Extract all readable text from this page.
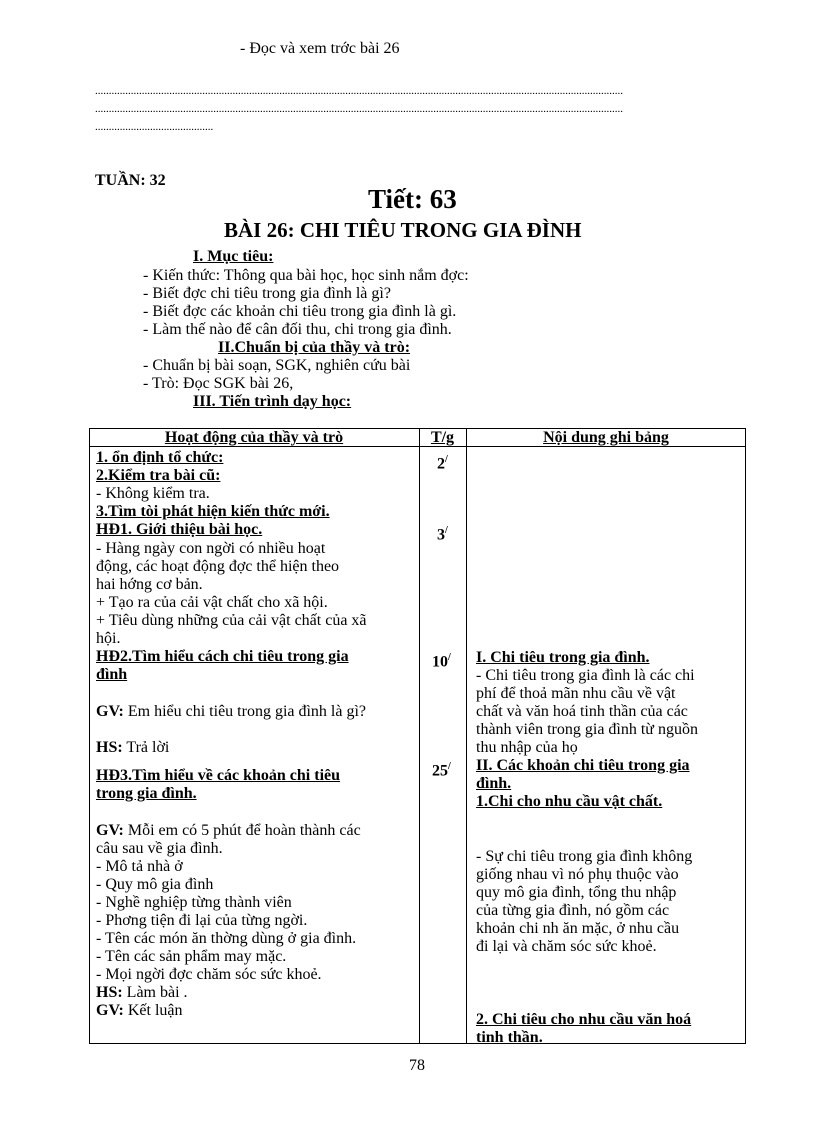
- Đọc và xem trớc bài 26
................................................................................................................................................................................................
................................................................................................................................................................................................
...........................................
TUẦN: 32
Tiết: 63
BÀI 26: CHI TIÊU TRONG GIA ĐÌNH
I. Mục tiêu:
- Kiến thức: Thông qua bài học, học sinh nắm đợc:
- Biết đợc chi tiêu trong gia đình là gì?
- Biết đợc các khoản chi tiêu trong gia đình là gì.
- Làm thế nào để cân đối thu, chi trong gia đình.
II.Chuẩn bị của thầy và trò:
- Chuẩn bị bài soạn, SGK, nghiên cứu bài
- Trò: Đọc SGK bài 26,
III. Tiến trình dạy học:
Hoạt động của thầy và trò	T/g	Nội dung ghi bảng
1. ổn định tổ chức:
2.Kiểm tra bài cũ:
- Không kiểm tra.
3.Tìm tòi phát hiện kiến thức mới.
HĐ1. Giới thiệu bài học.
- Hàng ngày con ngời có nhiều hoạt
động, các hoạt động đợc thể hiện theo
hai hớng cơ bản.
+ Tạo ra của cải vật chất cho xã hội.
+ Tiêu dùng những của cải vật chất của xã
hội.
HĐ2.Tìm hiểu cách chi tiêu trong gia
đình
GV: Em hiểu chi tiêu trong gia đình là gì?
HS: Trả lời
HĐ3.Tìm hiểu về các khoản chi tiêu
trong gia đình.
GV: Mỗi em có 5 phút để hoàn thành các
câu sau về gia đình.
- Mô tả nhà ở
- Quy mô gia đình
- Nghề nghiệp từng thành viên
- Phơng tiện đi lại của từng ngời.
- Tên các món ăn thờng dùng ở gia đình.
- Tên các sản phẩm may mặc.
- Mọi ngời đợc chăm sóc sức khoẻ.
HS: Làm bài .
GV: Kết luận
2/
3/
10/
25/
I. Chi tiêu trong gia đình.
- Chi tiêu trong gia đình là các chi
phí để thoả mãn nhu cầu về vật
chất và văn hoá tinh thần của các
thành viên trong gia đình từ nguồn
thu nhập của họ
II. Các khoản chi tiêu trong gia
đình.
1.Chi cho nhu cầu vật chất.
- Sự chi tiêu trong gia đình không
giống nhau vì nó phụ thuộc vào
quy mô gia đình, tổng thu nhập
của từng gia đình, nó gồm các
khoản chi nh ăn mặc, ở nhu cầu
đi lại và chăm sóc sức khoẻ.
2. Chi tiêu cho nhu cầu văn hoá
tinh thần.
78
